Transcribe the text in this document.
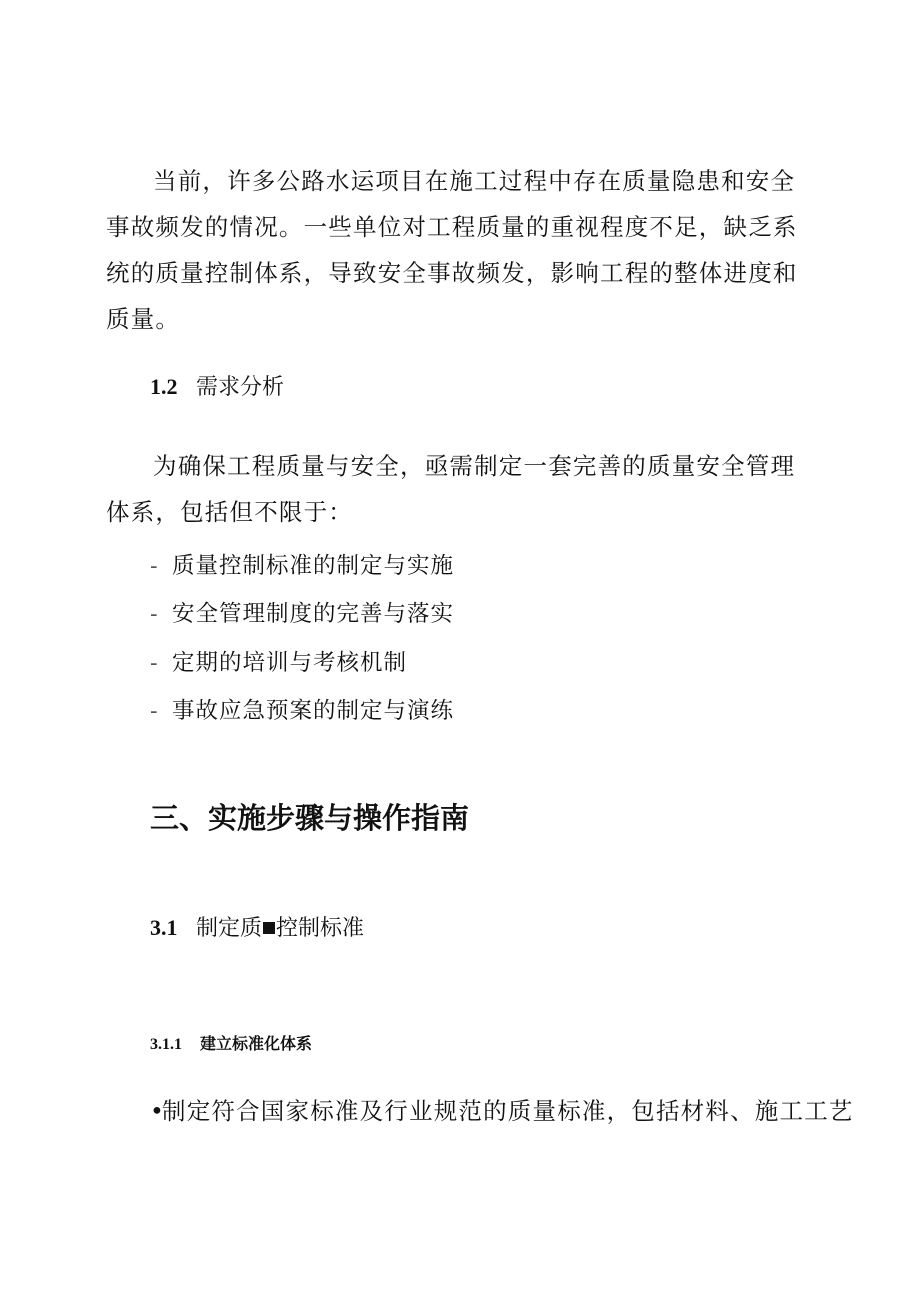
当前，许多公路水运项目在施工过程中存在质量隐患和安全事故频发的情况。一些单位对工程质量的重视程度不足，缺乏系统的质量控制体系，导致安全事故频发，影响工程的整体进度和质量。

1.2 需求分析

为确保工程质量与安全，亟需制定一套完善的质量安全管理体系，包括但不限于：

- 质量控制标准的制定与实施

- 安全管理制度的完善与落实

- 定期的培训与考核机制

- 事故应急预案的制定与演练

三、实施步骤与操作指南
3.1 制定质 控制标准
3.1.1 建立标准化体系

•制定符合国家标准及行业规范的质量标准，包括材料、施工工艺
